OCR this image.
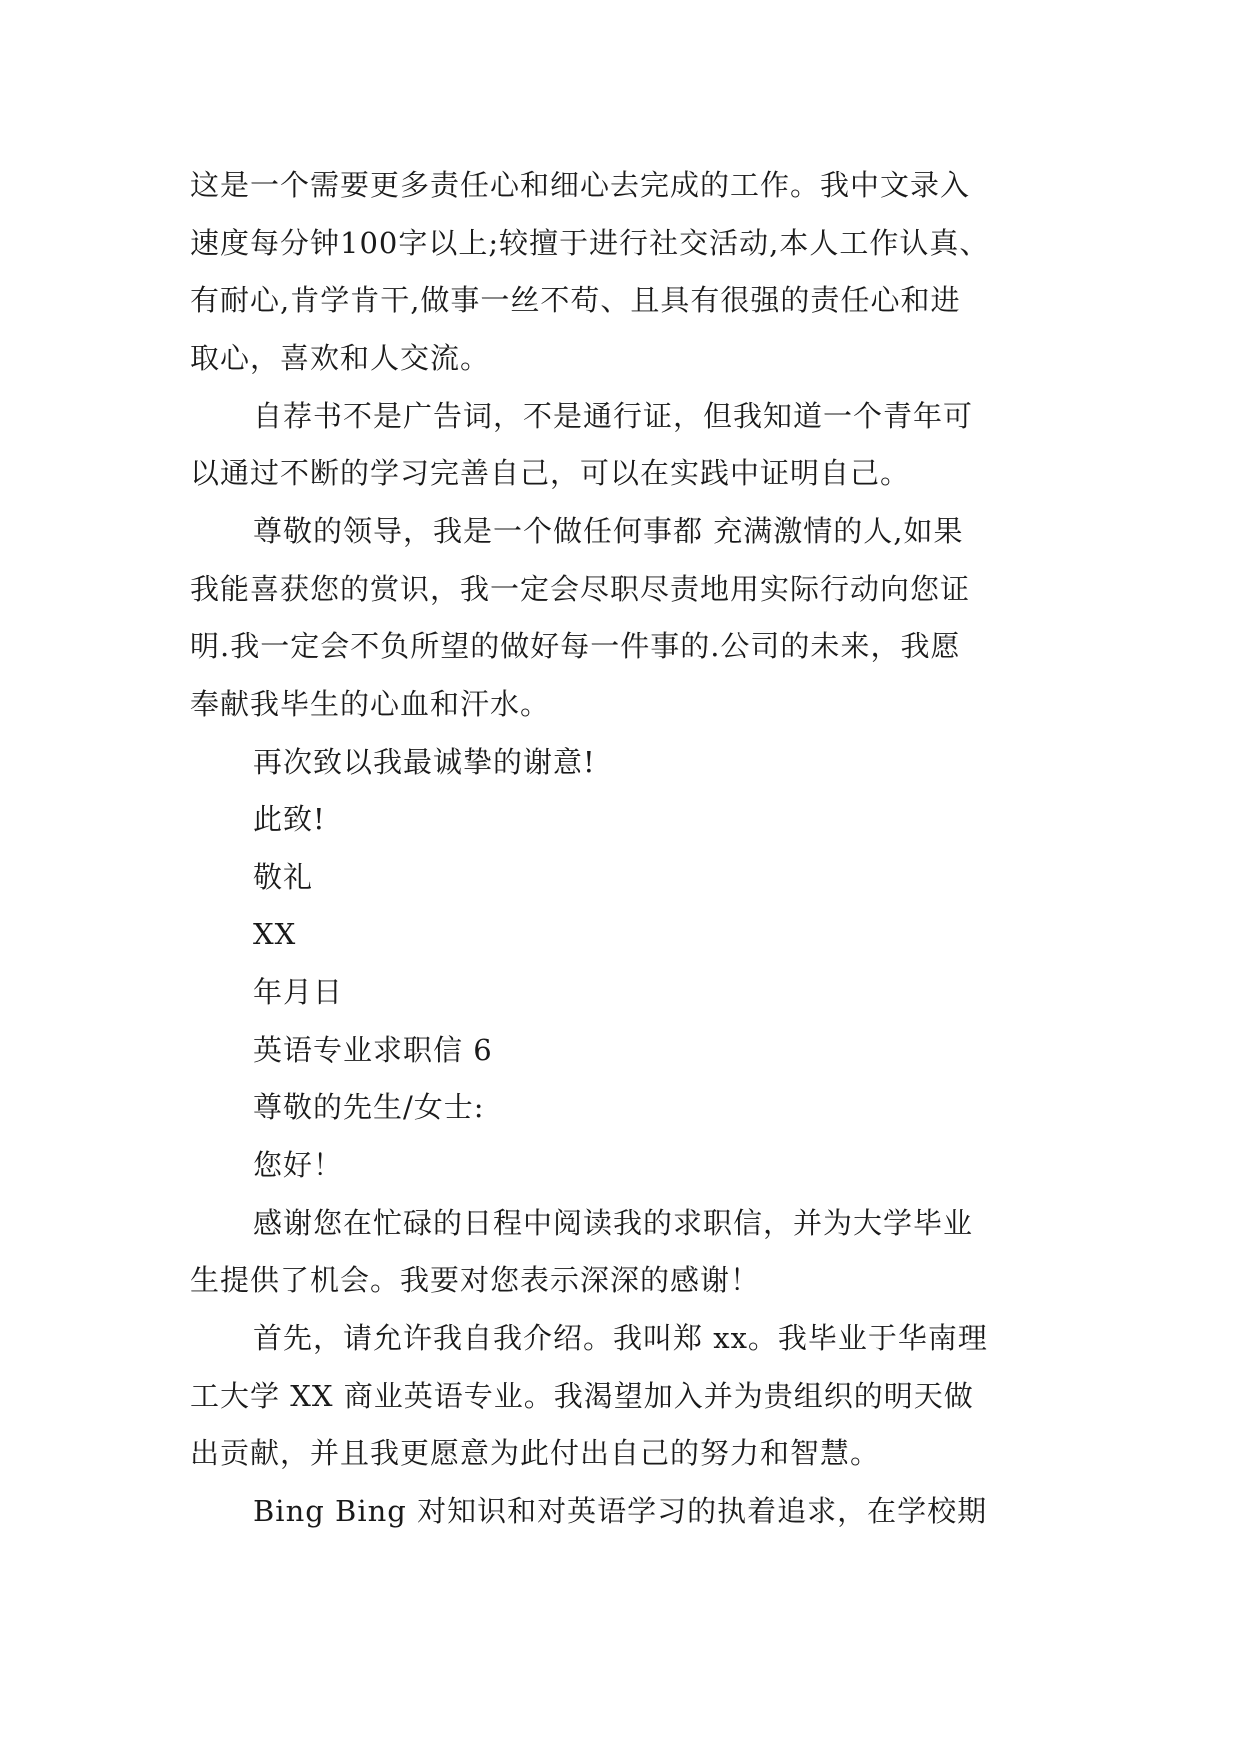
这是一个需要更多责任心和细心去完成的工作。我中文录入
速度每分钟100字以上;较擅于进行社交活动,本人工作认真、
有耐心,肯学肯干,做事一丝不苟、且具有很强的责任心和进
取心，喜欢和人交流。
自荐书不是广告词，不是通行证，但我知道一个青年可
以通过不断的学习完善自己，可以在实践中证明自己。
尊敬的领导，我是一个做任何事都 充满激情的人,如果
我能喜获您的赏识，我一定会尽职尽责地用实际行动向您证
明.我一定会不负所望的做好每一件事的.公司的未来，我愿
奉献我毕生的心血和汗水。
再次致以我最诚挚的谢意!
此致!
敬礼
XX
年月日
英语专业求职信 6
尊敬的先生/女士:
您好！
感谢您在忙碌的日程中阅读我的求职信，并为大学毕业
生提供了机会。我要对您表示深深的感谢！
首先，请允许我自我介绍。我叫郑 xx。我毕业于华南理
工大学 XX 商业英语专业。我渴望加入并为贵组织的明天做
出贡献，并且我更愿意为此付出自己的努力和智慧。
Bing Bing 对知识和对英语学习的执着追求，在学校期
